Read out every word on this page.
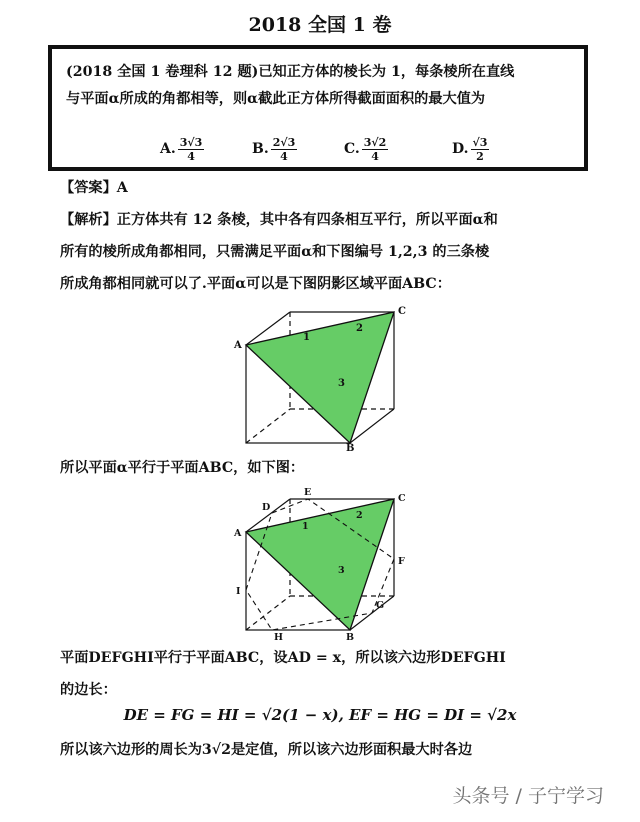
2018 全国 1 卷
(2018 全国 1 卷理科 12 题)已知正方体的棱长为 1，每条棱所在直线
与平面α所成的角都相等，则α截此正方体所得截面面积的最大值为
A. $\frac{3√3}{4}$	B. $\frac{2√3}{4}$	C. $\frac{3√2}{4}$	D. $\frac{√3}{2}$
【答案】A
【解析】正方体共有 12 条棱，其中各有四条相互平行，所以平面α和
所有的棱所成角都相同，只需满足平面α和下图编号 1,2,3 的三条棱
所成角都相同就可以了.平面α可以是下图阴影区域平面ABC：
A
C
B
1
2
3
所以平面α平行于平面ABC，如下图：
A
C
B
D
E
F
G
H
I
1
2
3
平面DEFGHI平行于平面ABC，设AD = x，所以该六边形DEFGHI
的边长：
DE = FG = HI = √2(1 − x), EF = HG = DI = √2x
所以该六边形的周长为3√2是定值，所以该六边形面积最大时各边
头条号 / 子宁学习
